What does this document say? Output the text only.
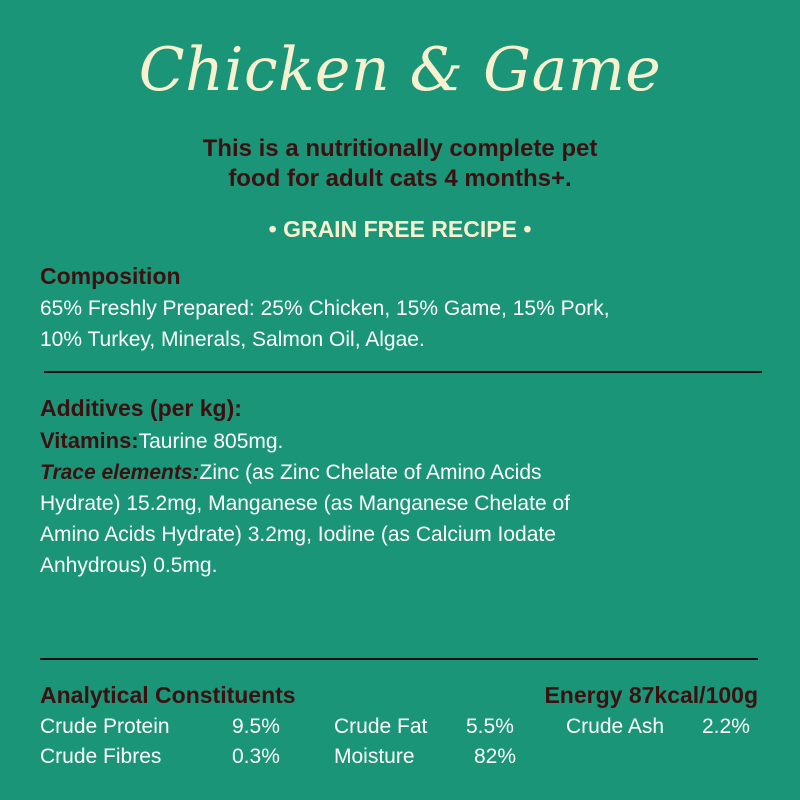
Chicken & Game
This is a nutritionally complete pet
food for adult cats 4 months+.
• GRAIN FREE RECIPE •
Composition
65% Freshly Prepared: 25% Chicken, 15% Game, 15% Pork,
10% Turkey, Minerals, Salmon Oil, Algae.
Additives (per kg):
Vitamins:Taurine 805mg.
Trace elements:Zinc (as Zinc Chelate of Amino Acids
Hydrate) 15.2mg, Manganese (as Manganese Chelate of
Amino Acids Hydrate) 3.2mg, Iodine (as Calcium Iodate
Anhydrous) 0.5mg.
Analytical Constituents	Energy 87kcal/100g
Crude Protein	9.5%	Crude Fat 5.5% Crude Ash 2.2%
Crude Fibres	0.3%	Moisture	82%
